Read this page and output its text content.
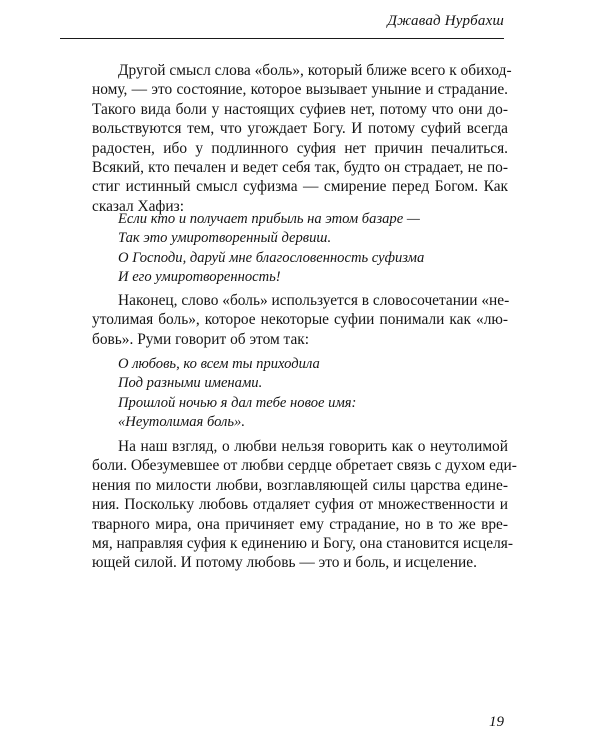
Джавад Нурбахш
Другой смысл слова «боль», который ближе всего к обиход-
ному, — это состояние, которое вызывает уныние и страдание.
Такого вида боли у настоящих суфиев нет, потому что они до-
вольствуются тем, что угождает Богу. И потому суфий всегда
радостен, ибо у подлинного суфия нет причин печалиться.
Всякий, кто печален и ведет себя так, будто он страдает, не по-
стиг истинный смысл суфизма — смирение перед Богом. Как
сказал Хафиз:
Если кто и получает прибыль на этом базаре —
Так это умиротворенный дервиш.
О Господи, даруй мне благословенность суфизма
И его умиротворенность!
Наконец, слово «боль» используется в словосочетании «не-
утолимая боль», которое некоторые суфии понимали как «лю-
бовь». Руми говорит об этом так:
О любовь, ко всем ты приходила
Под разными именами.
Прошлой ночью я дал тебе новое имя:
«Неутолимая боль».
На наш взгляд, о любви нельзя говорить как о неутолимой
боли. Обезумевшее от любви сердце обретает связь с духом еди-
нения по милости любви, возглавляющей силы царства едине-
ния. Поскольку любовь отдаляет суфия от множественности и
тварного мира, она причиняет ему страдание, но в то же вре-
мя, направляя суфия к единению и Богу, она становится исцеля-
ющей силой. И потому любовь — это и боль, и исцеление.
19
